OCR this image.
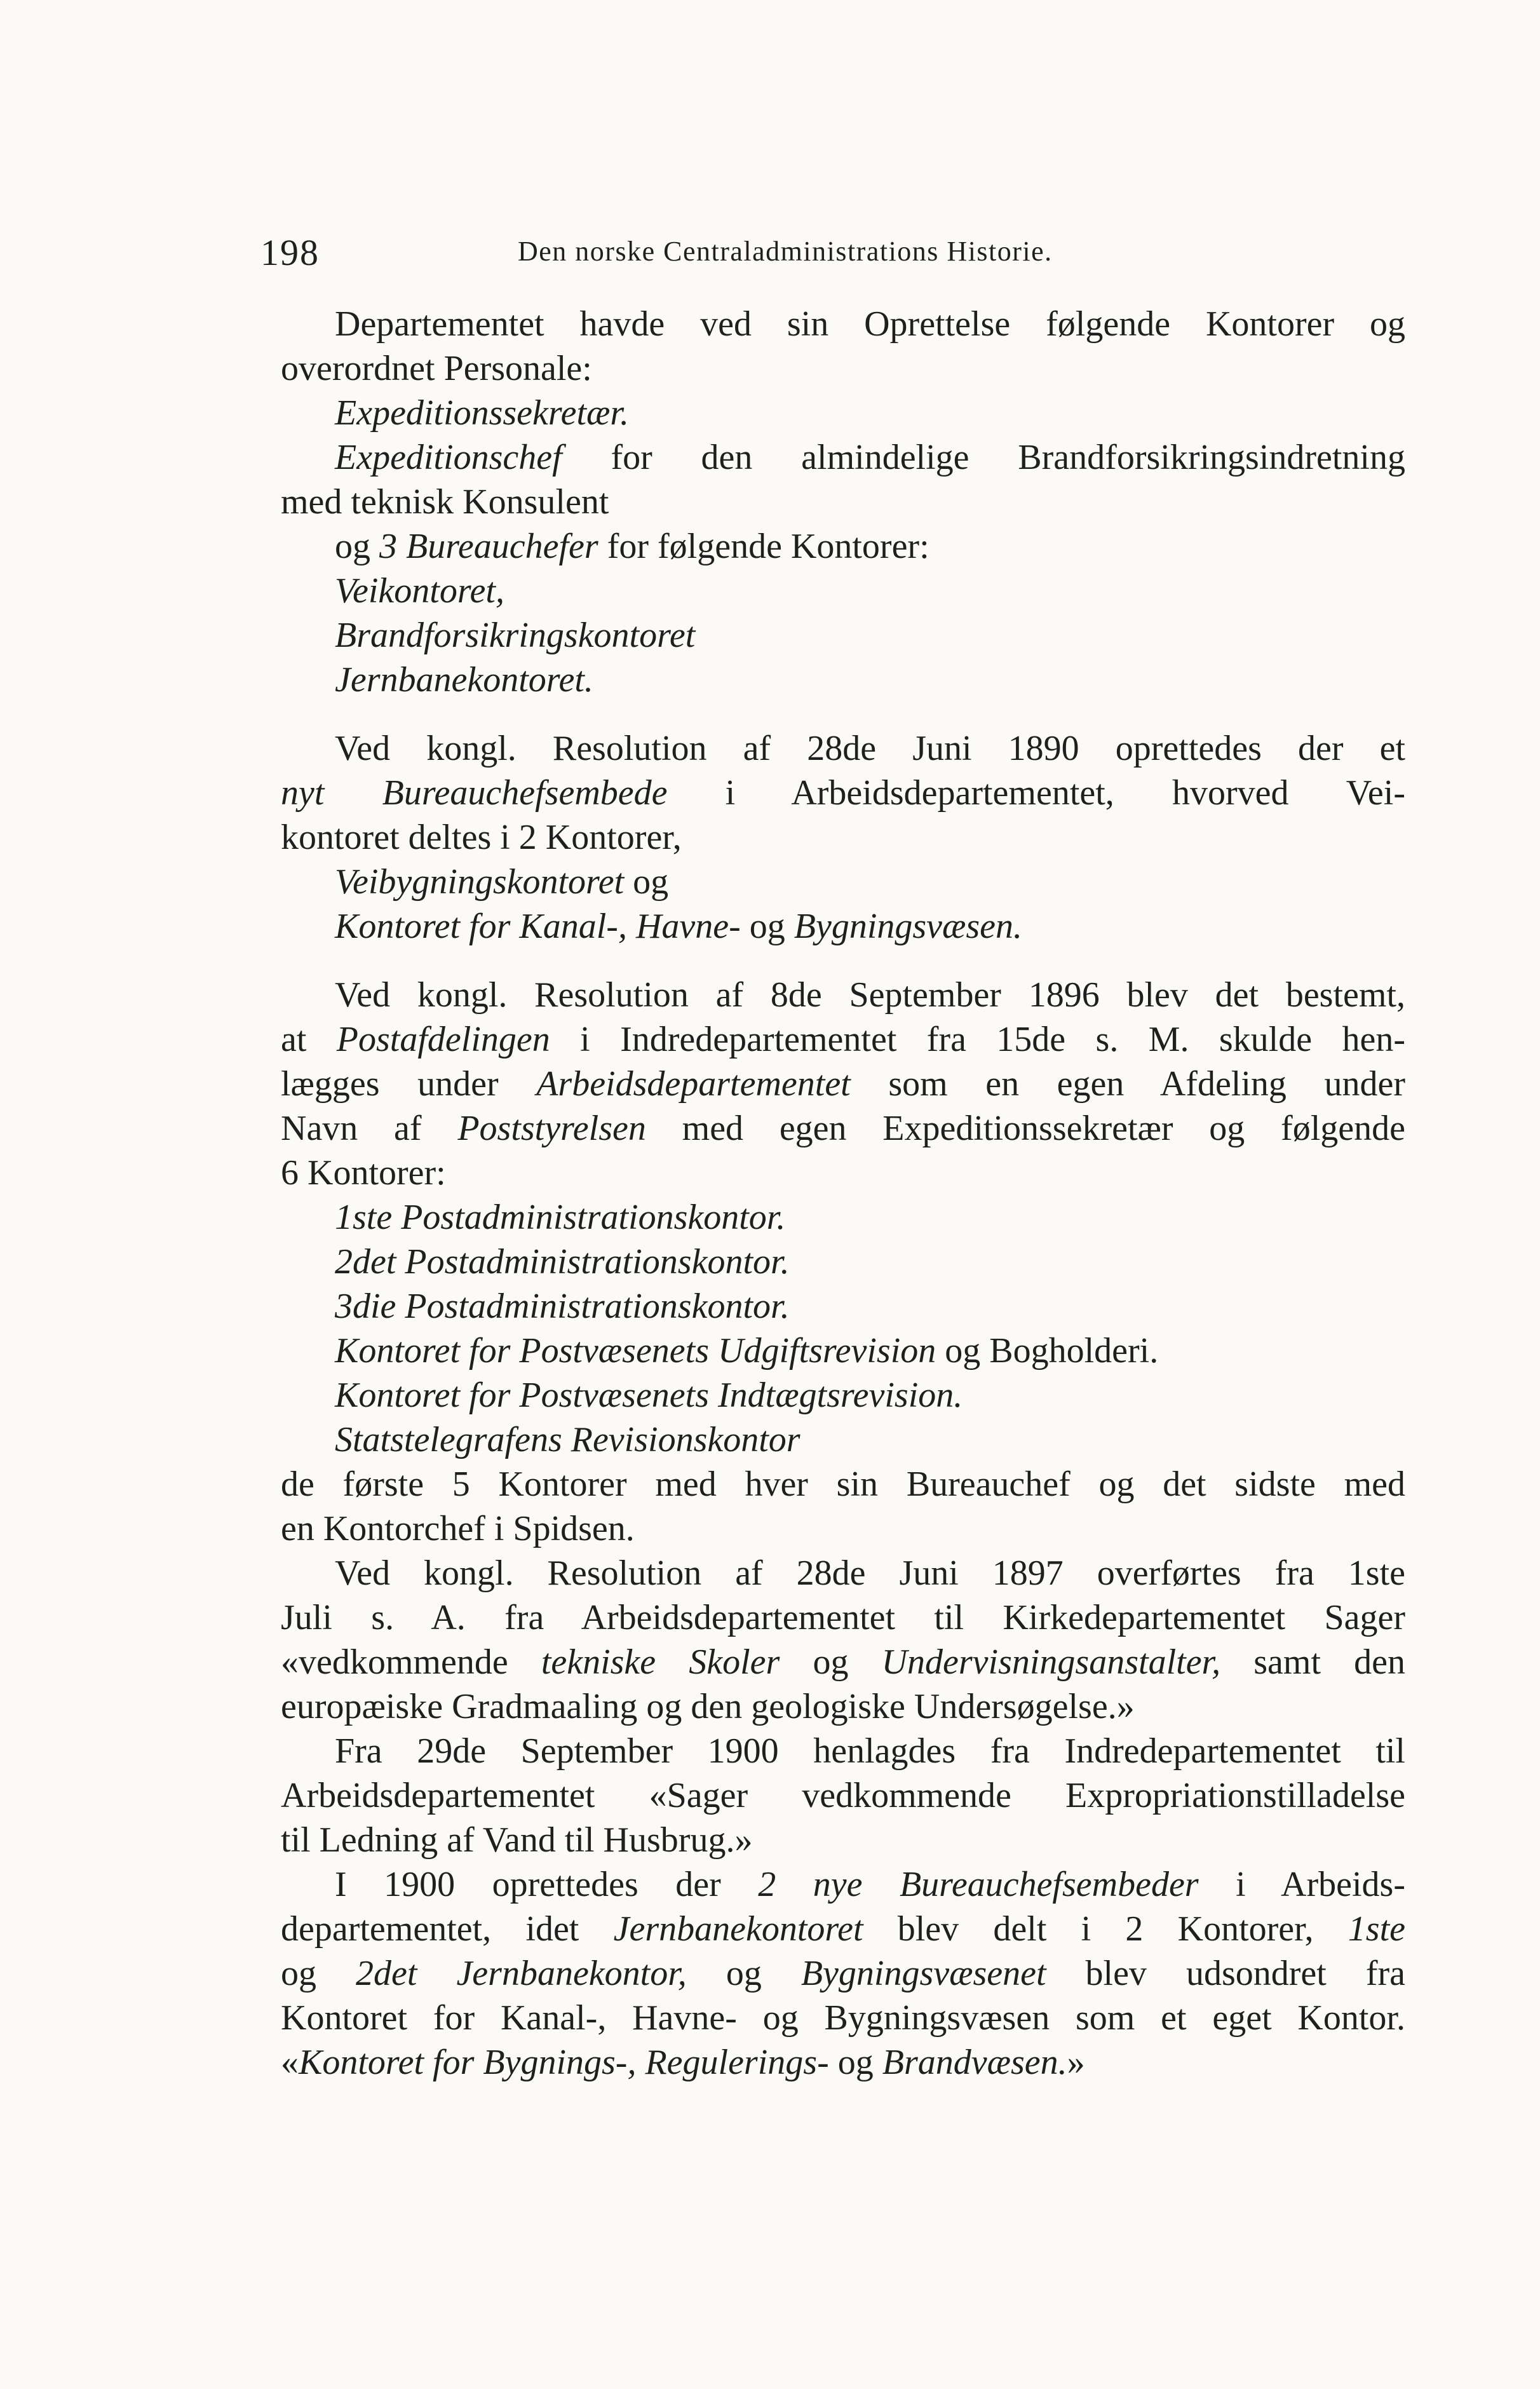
198	Den norske Centraladministrations Historie.
Departementet havde ved sin Oprettelse følgende Kontorer og
overordnet Personale:
Expeditionssekretær.
Expeditionschef for den almindelige Brandforsikringsindretning
med teknisk Konsulent
og 3 Bureauchefer for følgende Kontorer:
Veikontoret,
Brandforsikringskontoret
Jernbanekontoret.
Ved kongl. Resolution af 28de Juni 1890 oprettedes der et
nyt Bureauchefsembede i Arbeidsdepartementet, hvorved Vei-
kontoret deltes i 2 Kontorer,
Veibygningskontoret og
Kontoret for Kanal-, Havne- og Bygningsvæsen.
Ved kongl. Resolution af 8de September 1896 blev det bestemt,
at Postafdelingen i Indredepartementet fra 15de s. M. skulde hen-
lægges under Arbeidsdepartementet som en egen Afdeling under
Navn af Poststyrelsen med egen Expeditionssekretær og følgende
6 Kontorer:
1ste Postadministrationskontor.
2det Postadministrationskontor.
3die Postadministrationskontor.
Kontoret for Postvæsenets Udgiftsrevision og Bogholderi.
Kontoret for Postvæsenets Indtægtsrevision.
Statstelegrafens Revisionskontor
de første 5 Kontorer med hver sin Bureauchef og det sidste med
en Kontorchef i Spidsen.
Ved kongl. Resolution af 28de Juni 1897 overførtes fra 1ste
Juli s. A. fra Arbeidsdepartementet til Kirkedepartementet Sager
«vedkommende tekniske Skoler og Undervisningsanstalter, samt den
europæiske Gradmaaling og den geologiske Undersøgelse.»
Fra 29de September 1900 henlagdes fra Indredepartementet til
Arbeidsdepartementet «Sager vedkommende Expropriationstilladelse
til Ledning af Vand til Husbrug.»
I 1900 oprettedes der 2 nye Bureauchefsembeder i Arbeids-
departementet, idet Jernbanekontoret blev delt i 2 Kontorer, 1ste
og 2det Jernbanekontor, og Bygningsvæsenet blev udsondret fra
Kontoret for Kanal-, Havne- og Bygningsvæsen som et eget Kontor.
«Kontoret for Bygnings-, Regulerings- og Brandvæsen.»
